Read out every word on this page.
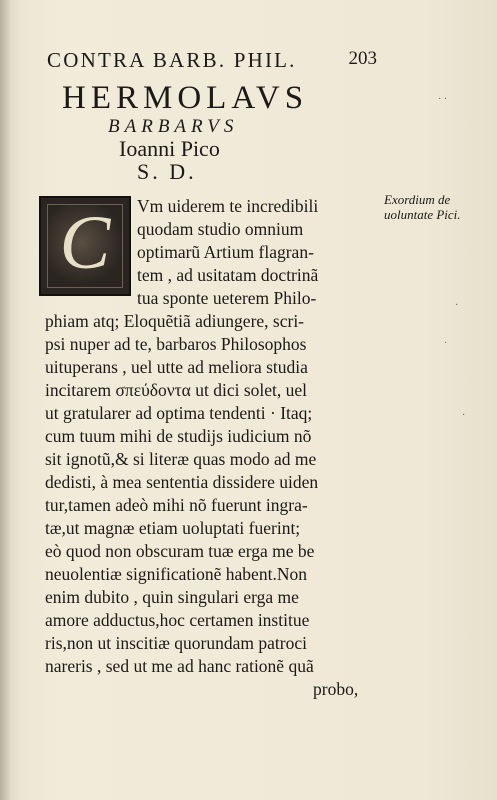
CONTRA BARB. PHIL.	203
HERMOLAVS
BARBARVS
Ioanni Pico
S. D.
Exordium de
uoluntate Pici.
C	Vm uiderem te incredibili
quodam studio omnium
optimarũ Artium flagran-
tem , ad usitatam doctrinã
tua sponte ueterem Philo-
phiam atq; Eloquẽtiã adiungere, scri-
psi nuper ad te, barbaros Philosophos
uituperans , uel utte ad meliora studia
incitarem σπεύδοντα ut dici solet, uel
ut gratularer ad optima tendenti · Itaq;
cum tuum mihi de studijs iudicium nõ
sit ignotũ,& si literæ quas modo ad me
dedisti, à mea sententia dissidere uiden
tur,tamen adeò mihi nõ fuerunt ingra-
tæ,ut magnæ etiam uoluptati fuerint;
eò quod non obscuram tuæ erga me be
neuolentiæ significationẽ habent.Non
enim dubito , quin singulari erga me
amore adductus,hoc certamen institue
ris,non ut inscitiæ quorundam patroci
nareris , sed ut me ad hanc rationẽ quã
probo,
· ·
·
·
·
